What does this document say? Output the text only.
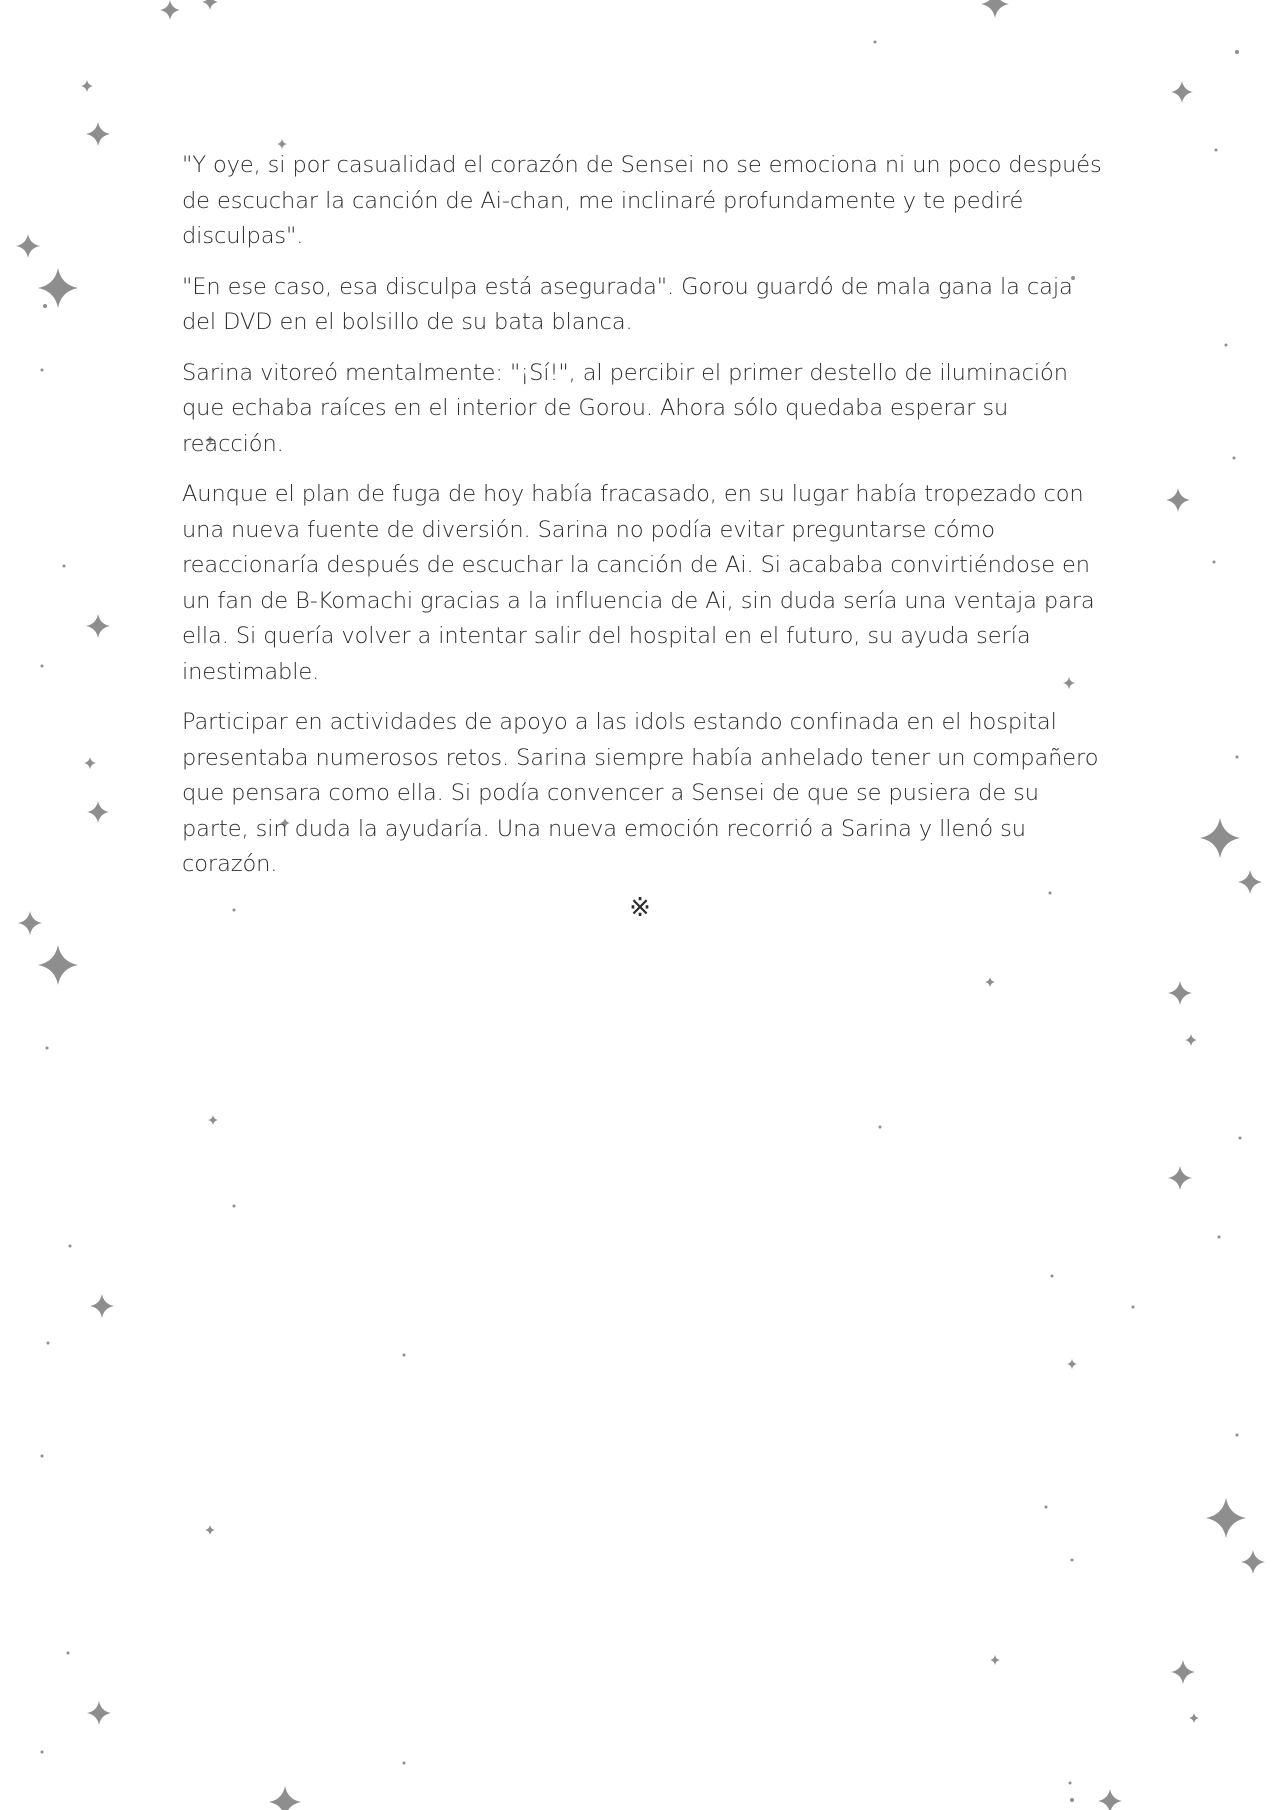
"Y oye, si por casualidad el corazón de Sensei no se emociona ni un poco después de escuchar la canción de Ai-chan, me inclinaré profundamente y te pediré disculpas".

"En ese caso, esa disculpa está asegurada". Gorou guardó de mala gana la caja del DVD en el bolsillo de su bata blanca.

Sarina vitoreó mentalmente: "¡Sí!", al percibir el primer destello de iluminación que echaba raíces en el interior de Gorou. Ahora sólo quedaba esperar su reacción.

Aunque el plan de fuga de hoy había fracasado, en su lugar había tropezado con una nueva fuente de diversión. Sarina no podía evitar preguntarse cómo reaccionaría después de escuchar la canción de Ai. Si acababa convirtiéndose en un fan de B-Komachi gracias a la influencia de Ai, sin duda sería una ventaja para ella. Si quería volver a intentar salir del hospital en el futuro, su ayuda sería inestimable.

Participar en actividades de apoyo a las idols estando confinada en el hospital presentaba numerosos retos. Sarina siempre había anhelado tener un compañero que pensara como ella. Si podía convencer a Sensei de que se pusiera de su parte, sin duda la ayudaría. Una nueva emoción recorrió a Sarina y llenó su corazón.

※
